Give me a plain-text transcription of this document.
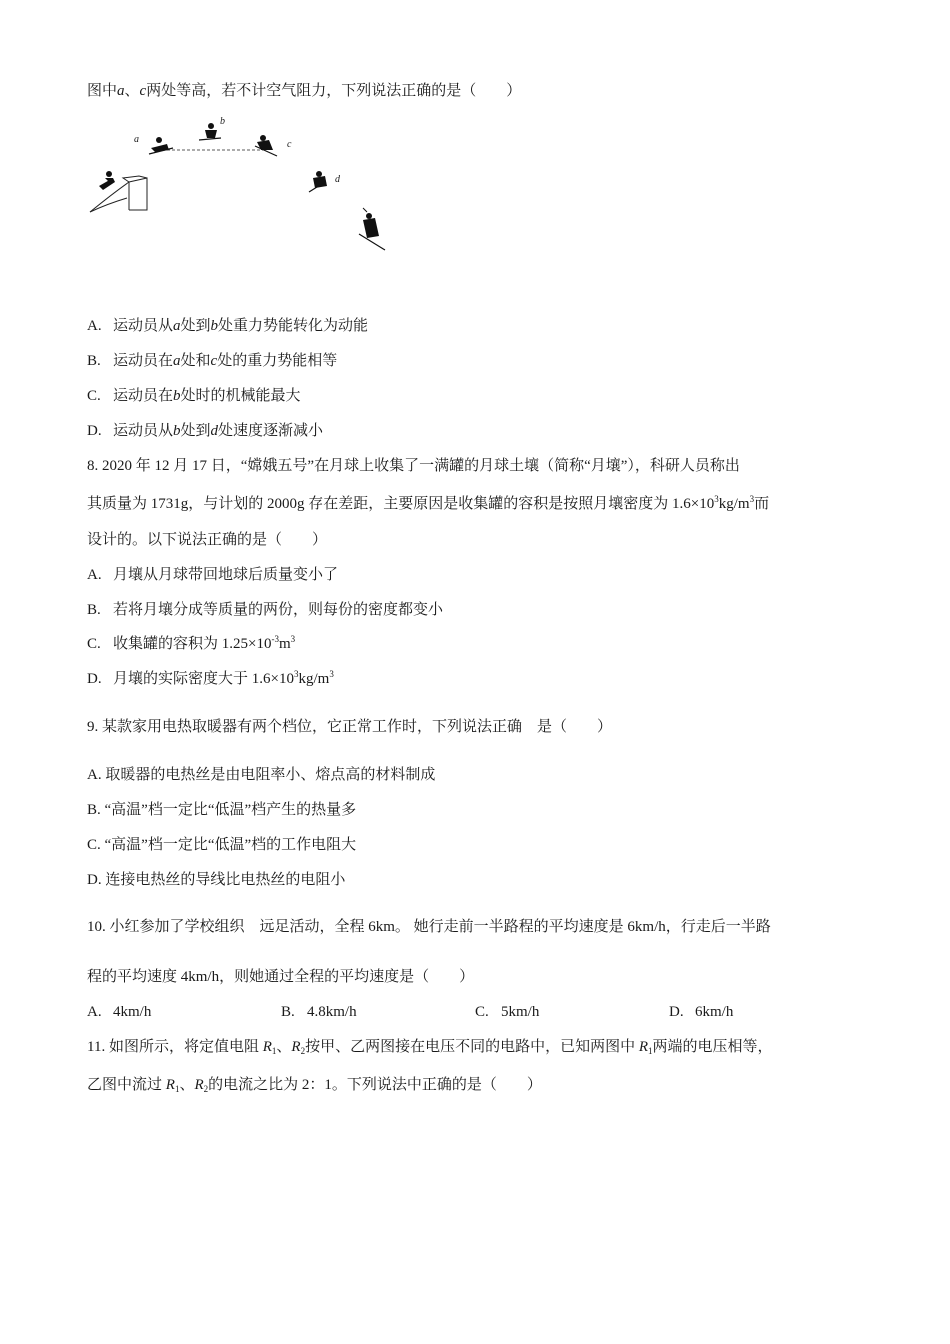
图中a、c两处等高，若不计空气阻力，下列说法正确的是（　　）
a
b
c
d
A. 运动员从a处到b处重力势能转化为动能
B. 运动员在a处和c处的重力势能相等
C. 运动员在b处时的机械能最大
D. 运动员从b处到d处速度逐渐减小
8. 2020 年 12 月 17 日，“嫦娥五号”在月球上收集了一满罐的月球土壤（简称“月壤”），科研人员称出
其质量为 1731g，与计划的 2000g 存在差距，主要原因是收集罐的容积是按照月壤密度为 $1.6\times 10^3kg/m^3$而
设计的。以下说法正确的是（　　）
A. 月壤从月球带回地球后质量变小了
B. 若将月壤分成等质量的两份，则每份的密度都变小
C. 收集罐的容积为 $1.25\times 10^{-3}m^3$
D. 月壤的实际密度大于 $1.6\times 10^3kg/m^3$
9. 某款家用电热取暖器有两个档位，它正常工作时，下列说法正确　是（　　）
A. 取暖器的电热丝是由电阻率小、熔点高的材料制成
B. “高温”档一定比“低温”档产生的热量多
C. “高温”档一定比“低温”档的工作电阻大
D. 连接电热丝的导线比电热丝的电阻小
10. 小红参加了学校组织　远足活动，全程 6km。 她行走前一半路程的平均速度是 6km/h，行走后一半路
程的平均速度 4km/h，则她通过全程的平均速度是（　　）
A. 4km/h	B. 4.8km/h	C. 5km/h	D. 6km/h
11. 如图所示，将定值电阻 $R_1$、$R_2$按甲、乙两图接在电压不同的电路中，已知两图中 $R_1$两端的电压相等，
乙图中流过 $R_1$、$R_2$的电流之比为 2：1。下列说法中正确的是（　　）
